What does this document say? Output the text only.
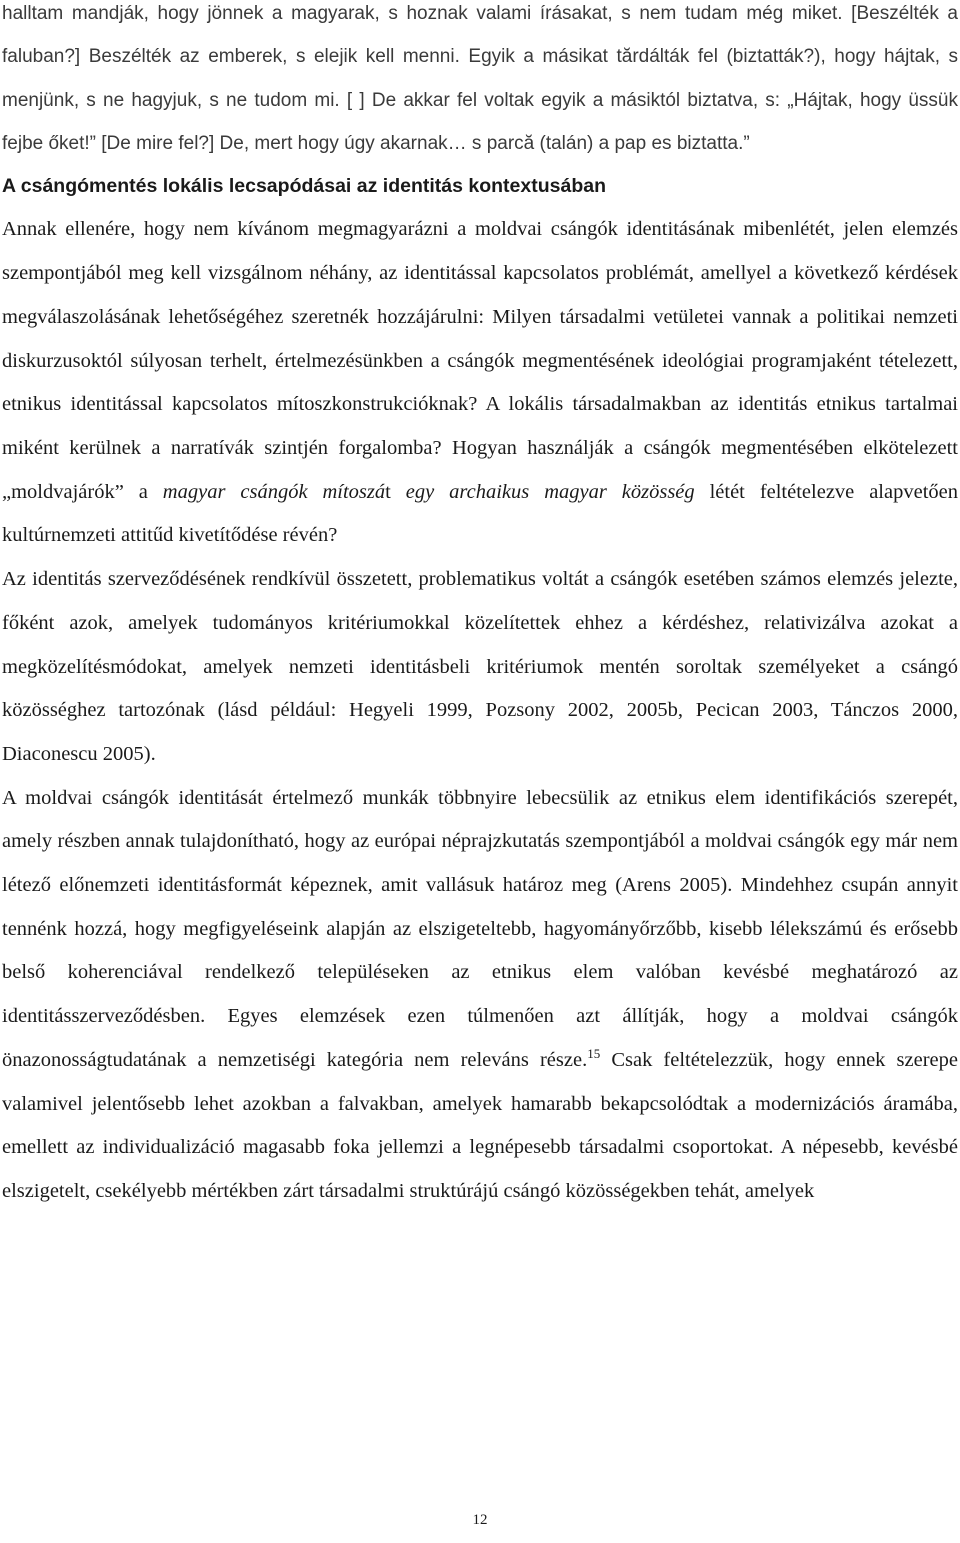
halltam mandják, hogy jönnek a magyarak, s hoznak valami írásakat, s nem tudam még miket. [Beszélték a faluban?] Beszélték az emberek, s elejik kell menni. Egyik a másikat tărdálták fel (biztatták?), hogy hájtak, s menjünk, s ne hagyjuk, s ne tudom mi. [ ] De akkar fel voltak egyik a másiktól biztatva, s: „Hájtak, hogy üssük fejbe őket!” [De mire fel?] De, mert hogy úgy akarnak… s parcă (talán) a pap es biztatta.”

A csángómentés lokális lecsapódásai az identitás kontextusában

Annak ellenére, hogy nem kívánom megmagyarázni a moldvai csángók identitásának mibenlétét, jelen elemzés szempontjából meg kell vizsgálnom néhány, az identitással kapcsolatos problémát, amellyel a következő kérdések megválaszolásának lehetőségéhez szeretnék hozzájárulni: Milyen társadalmi vetületei vannak a politikai nemzeti diskurzusoktól súlyosan terhelt, értelmezésünkben a csángók megmentésének ideológiai programjaként tételezett, etnikus identitással kapcsolatos mítoszkonstrukcióknak? A lokális társadalmakban az identitás etnikus tartalmai miként kerülnek a narratívák szintjén forgalomba? Hogyan használják a csángók megmentésében elkötelezett „moldvajárók” a magyar csángók mítoszát egy archaikus magyar közösség létét feltételezve alapvetően kultúrnemzeti attitűd kivetítődése révén?

Az identitás szerveződésének rendkívül összetett, problematikus voltát a csángók esetében számos elemzés jelezte, főként azok, amelyek tudományos kritériumokkal közelítettek ehhez a kérdéshez, relativizálva azokat a megközelítésmódokat, amelyek nemzeti identitásbeli kritériumok mentén soroltak személyeket a csángó közösséghez tartozónak (lásd például: Hegyeli 1999, Pozsony 2002, 2005b, Pecican 2003, Tánczos 2000, Diaconescu 2005).

A moldvai csángók identitását értelmező munkák többnyire lebecsülik az etnikus elem identifikációs szerepét, amely részben annak tulajdonítható, hogy az európai néprajzkutatás szempontjából a moldvai csángók egy már nem létező előnemzeti identitásformát képeznek, amit vallásuk határoz meg (Arens 2005). Mindehhez csupán annyit tennénk hozzá, hogy megfigyeléseink alapján az elszigeteltebb, hagyományőrzőbb, kisebb lélekszámú és erősebb belső koherenciával rendelkező településeken az etnikus elem valóban kevésbé meghatározó az identitásszerveződésben. Egyes elemzések ezen túlmenően azt állítják, hogy a moldvai csángók önazonosságtudatának a nemzetiségi kategória nem releváns része.$^{15}$ Csak feltételezzük, hogy ennek szerepe valamivel jelentősebb lehet azokban a falvakban, amelyek hamarabb bekapcsolódtak a modernizációs áramába, emellett az individualizáció magasabb foka jellemzi a legnépesebb társadalmi csoportokat. A népesebb, kevésbé elszigetelt, csekélyebb mértékben zárt társadalmi struktúrájú csángó közösségekben tehát, amelyek

12
